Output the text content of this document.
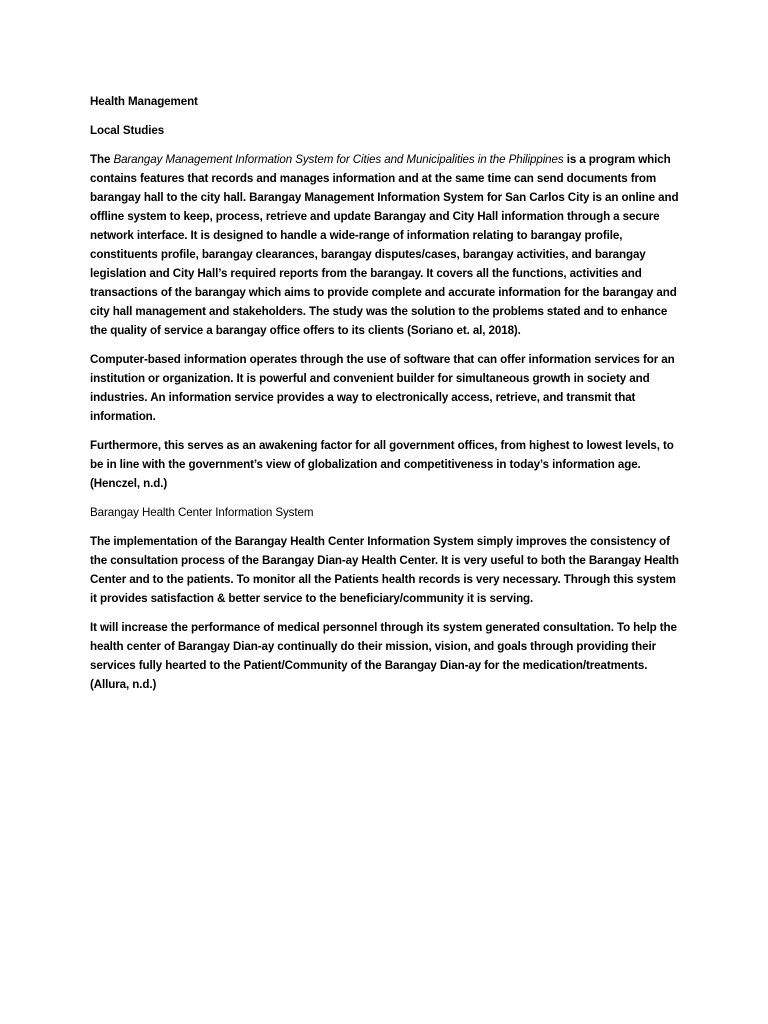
Health Management
Local Studies

The Barangay Management Information System for Cities and Municipalities in the Philippines is a program which contains features that records and manages information and at the same time can send documents from barangay hall to the city hall. Barangay Management Information System for San Carlos City is an online and offline system to keep, process, retrieve and update Barangay and City Hall information through a secure network interface. It is designed to handle a wide-range of information relating to barangay profile, constituents profile, barangay clearances, barangay disputes/cases, barangay activities, and barangay legislation and City Hall’s required reports from the barangay. It covers all the functions, activities and transactions of the barangay which aims to provide complete and accurate information for the barangay and city hall management and stakeholders. The study was the solution to the problems stated and to enhance the quality of service a barangay office offers to its clients (Soriano et. al, 2018).

Computer-based information operates through the use of software that can offer information services for an institution or organization. It is powerful and convenient builder for simultaneous growth in society and industries. An information service provides a way to electronically access, retrieve, and transmit that information.

Furthermore, this serves as an awakening factor for all government offices, from highest to lowest levels, to be in line with the government’s view of globalization and competitiveness in today’s information age. (Henczel, n.d.)

Barangay Health Center Information System

The implementation of the Barangay Health Center Information System simply improves the consistency of the consultation process of the Barangay Dian-ay Health Center. It is very useful to both the Barangay Health Center and to the patients. To monitor all the Patients health records is very necessary. Through this system it provides satisfaction & better service to the beneficiary/community it is serving.

It will increase the performance of medical personnel through its system generated consultation. To help the health center of Barangay Dian-ay continually do their mission, vision, and goals through providing their services fully hearted to the Patient/Community of the Barangay Dian-ay for the medication/treatments. (Allura, n.d.)
